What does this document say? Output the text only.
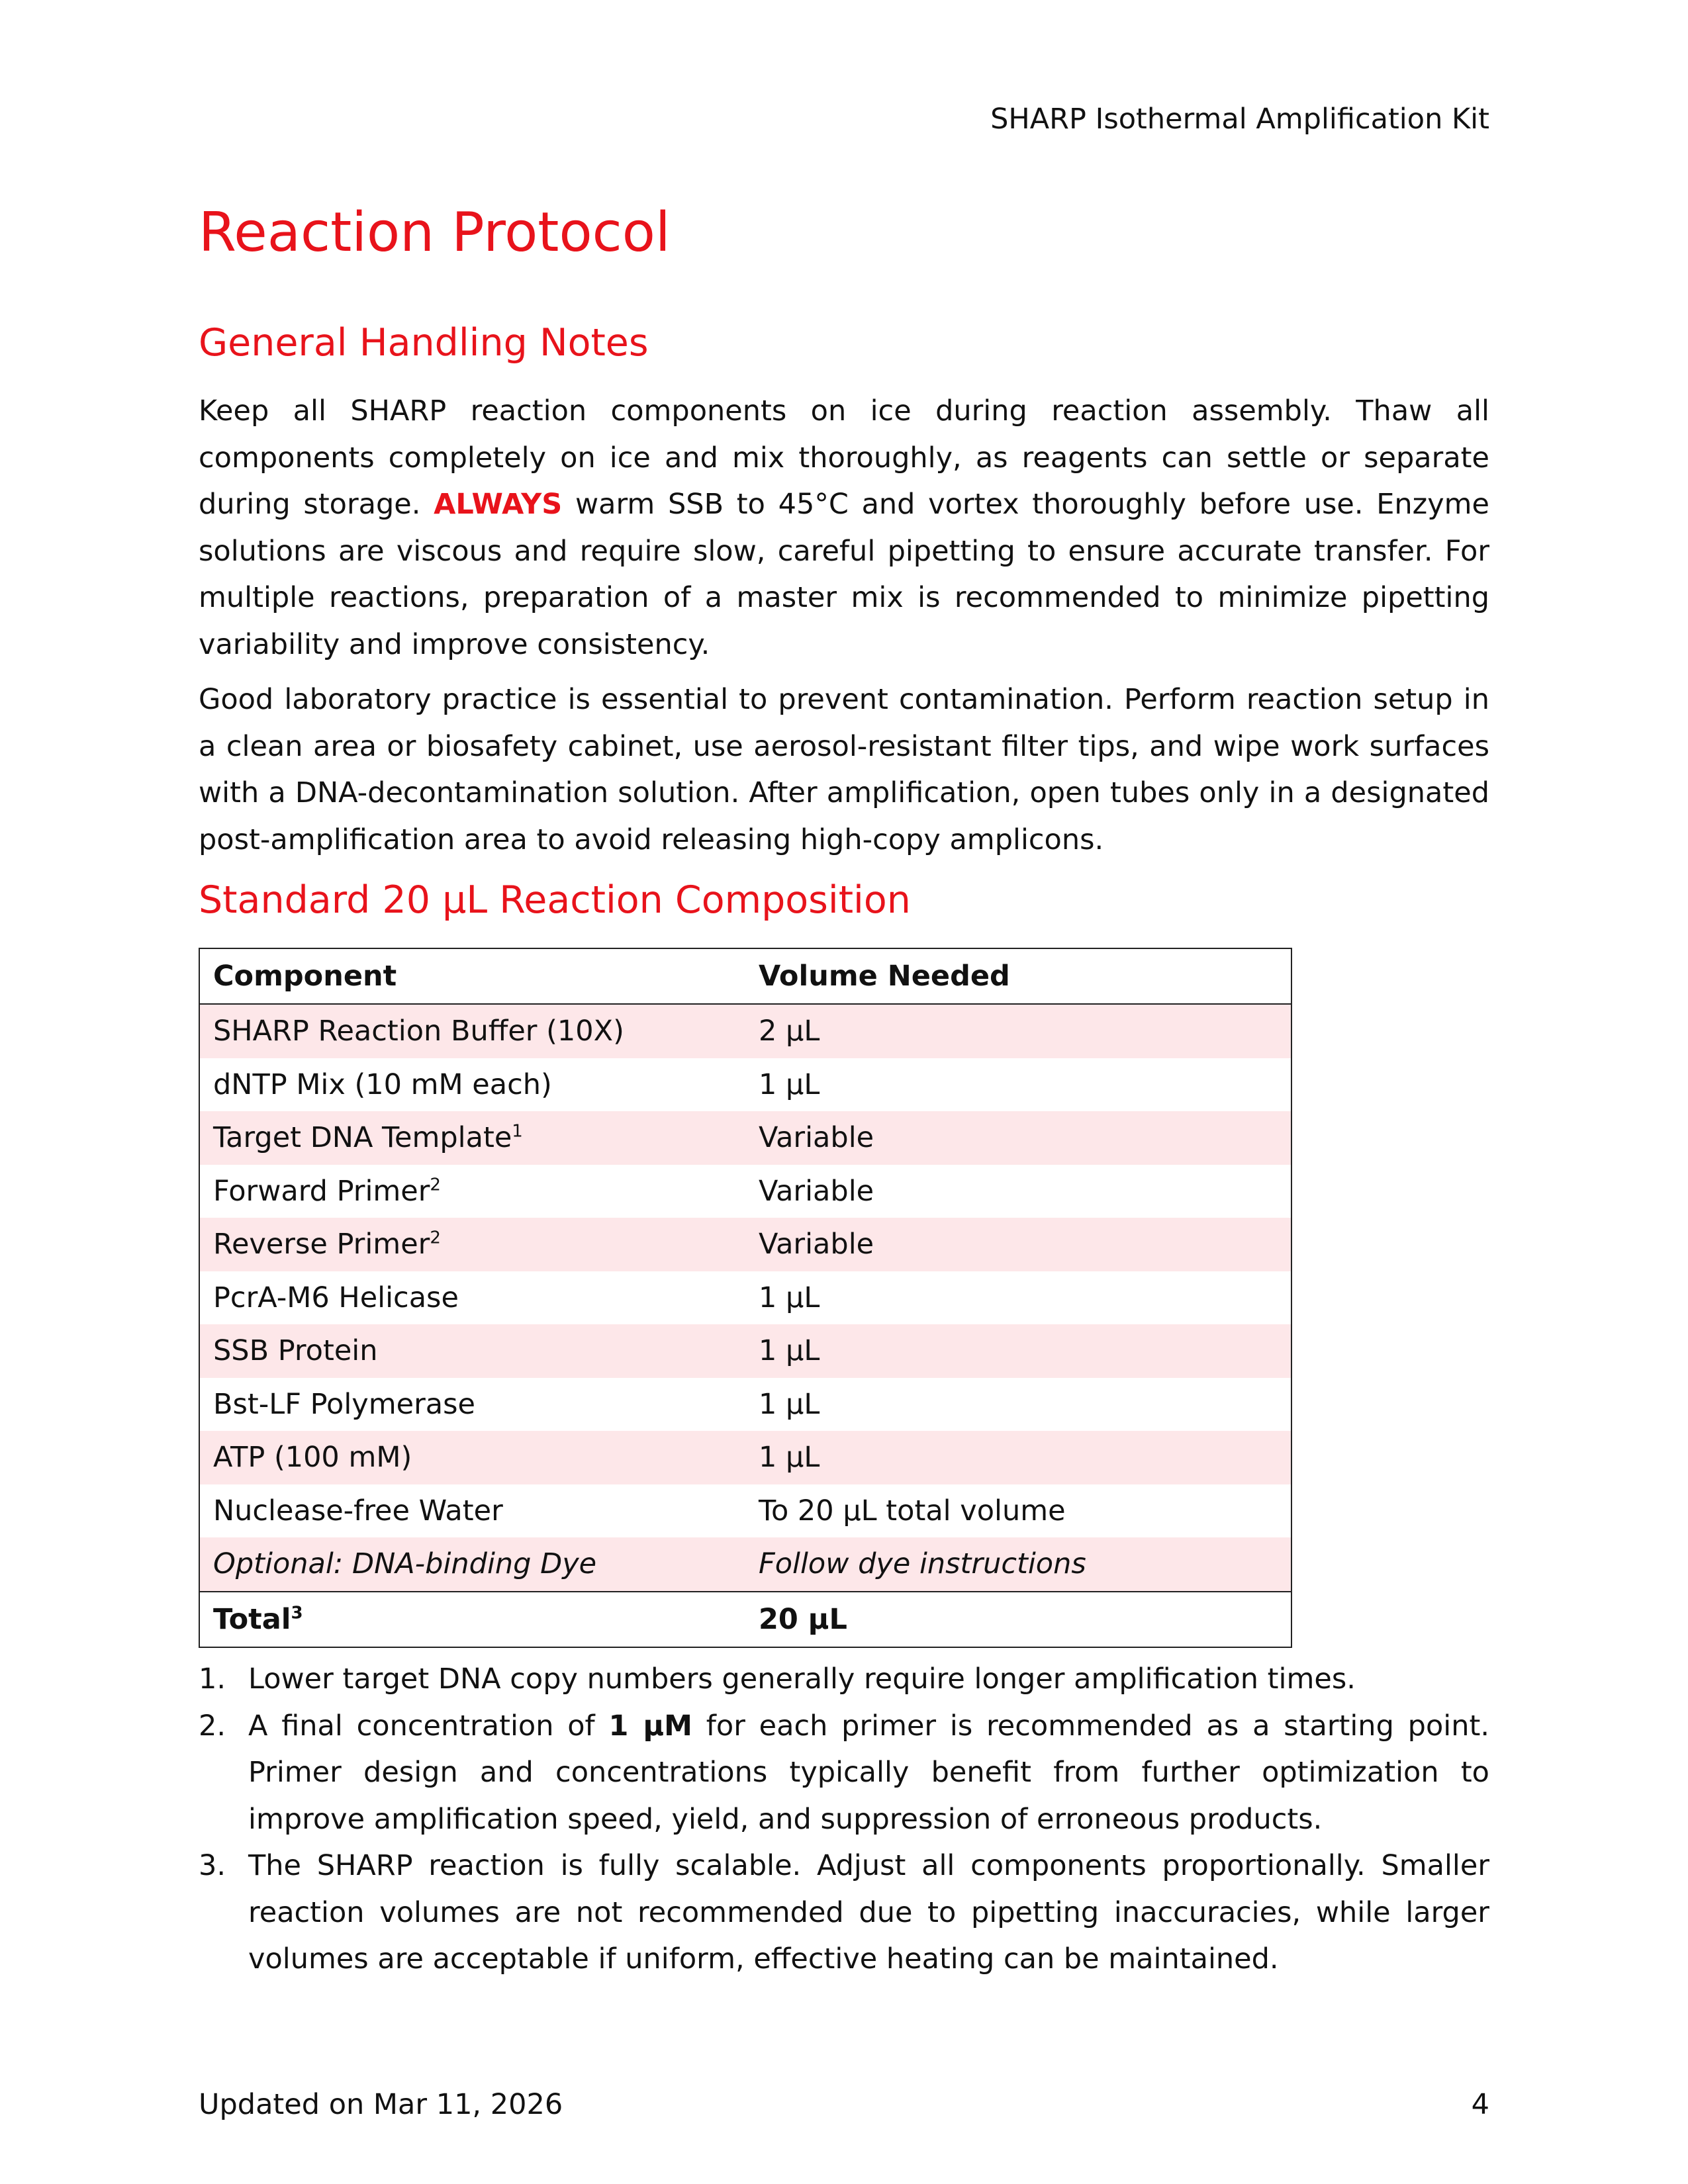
SHARP Isothermal Amplification Kit
Reaction Protocol
General Handling Notes

Keep all SHARP reaction components on ice during reaction assembly. Thaw all components completely on ice and mix thoroughly, as reagents can settle or separate during storage. ALWAYS warm SSB to 45°C and vortex thoroughly before use. Enzyme solutions are viscous and require slow, careful pipetting to ensure accurate transfer. For multiple reactions, preparation of a master mix is recommended to minimize pipetting variability and improve consistency.

Good laboratory practice is essential to prevent contamination. Perform reaction setup in a clean area or biosafety cabinet, use aerosol-resistant filter tips, and wipe work surfaces with a DNA-decontamination solution. After amplification, open tubes only in a designated post-amplification area to avoid releasing high-copy amplicons.

Standard 20 µL Reaction Composition
Component	Volume Needed
SHARP Reaction Buffer (10X)	2 µL
dNTP Mix (10 mM each)	1 µL
Target DNA Template$^1$	Variable
Forward Primer$^2$	Variable
Reverse Primer$^2$	Variable
PcrA-M6 Helicase	1 µL
SSB Protein	1 µL
Bst-LF Polymerase	1 µL
ATP (100 mM)	1 µL
Nuclease-free Water	To 20 µL total volume
Optional: DNA-binding Dye	Follow dye instructions
Total$^3$	20 µL
1. Lower target DNA copy numbers generally require longer amplification times.
2. A final concentration of 1 µM for each primer is recommended as a starting point. Primer design and concentrations typically benefit from further optimization to improve amplification speed, yield, and suppression of erroneous products.
3. The SHARP reaction is fully scalable. Adjust all components proportionally. Smaller reaction volumes are not recommended due to pipetting inaccuracies, while larger volumes are acceptable if uniform, effective heating can be maintained.
Updated on Mar 11, 2026	4
